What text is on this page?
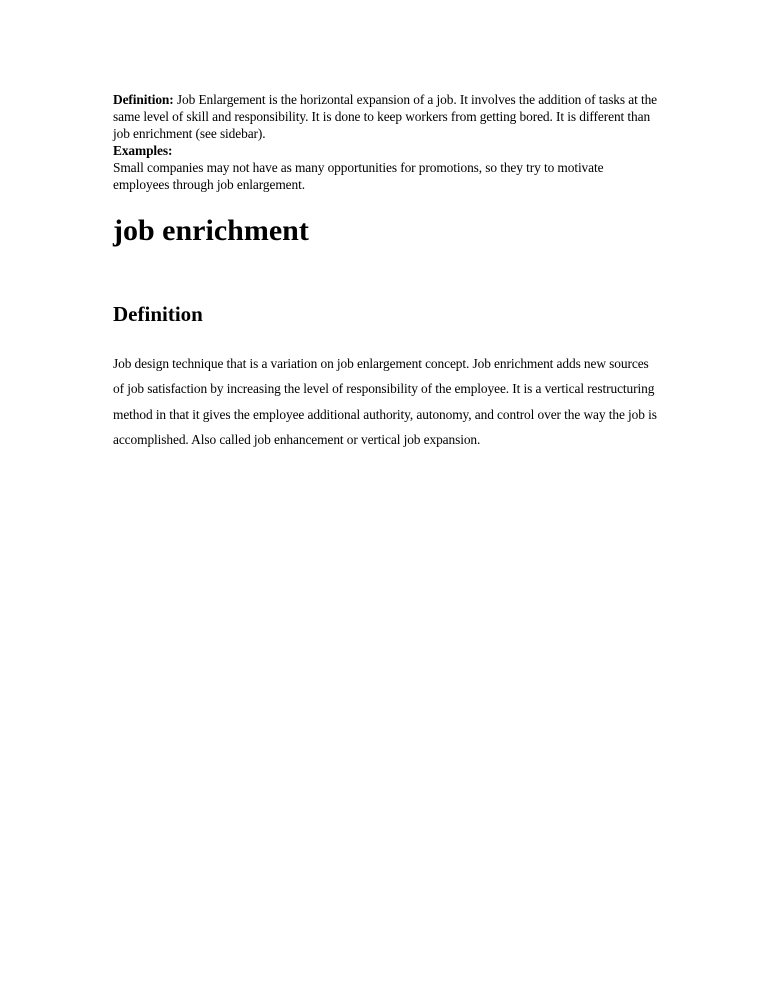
Definition: Job Enlargement is the horizontal expansion of a job. It involves the addition of tasks at the same level of skill and responsibility. It is done to keep workers from getting bored. It is different than job enrichment (see sidebar).

Examples:

Small companies may not have as many opportunities for promotions, so they try to motivate employees through job enlargement.

job enrichment
Definition

Job design technique that is a variation on job enlargement concept. Job enrichment adds new sources of job satisfaction by increasing the level of responsibility of the employee. It is a vertical restructuring method in that it gives the employee additional authority, autonomy, and control over the way the job is accomplished. Also called job enhancement or vertical job expansion.
